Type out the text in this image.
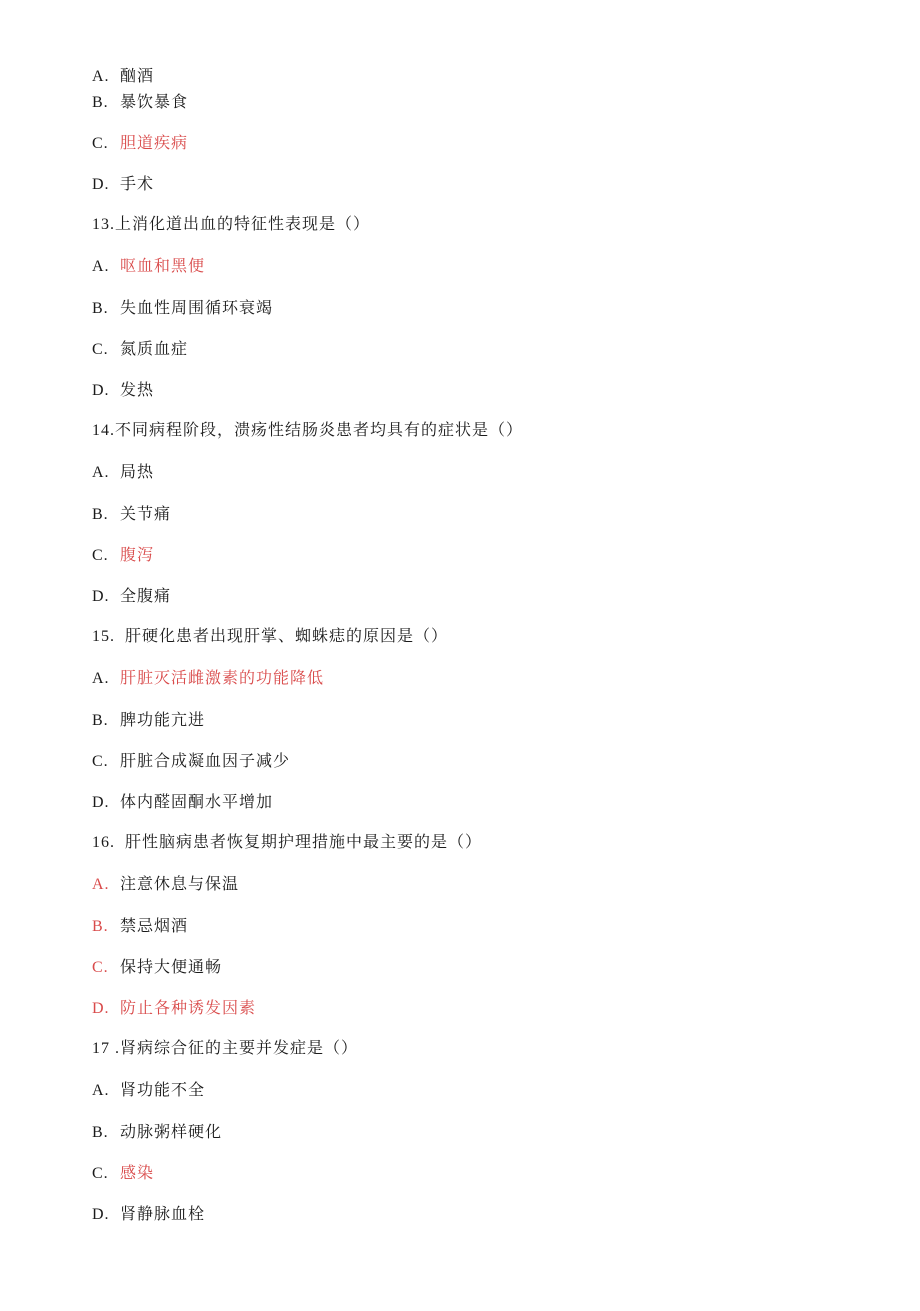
A. 酗酒
B. 暴饮暴食
C. 胆道疾病
D. 手术
13.上消化道出血的特征性表现是（）
A. 呕血和黑便
B. 失血性周围循环衰竭
C. 氮质血症
D. 发热
14.不同病程阶段，溃疡性结肠炎患者均具有的症状是（）
A. 局热
B. 关节痛
C. 腹泻
D. 全腹痛
15.  肝硬化患者出现肝掌、蜘蛛痣的原因是（）
A. 肝脏灭活雌激素的功能降低
B. 脾功能亢进
C. 肝脏合成凝血因子减少
D. 体内醛固酮水平增加
16.  肝性脑病患者恢复期护理措施中最主要的是（）
A. 注意休息与保温
B. 禁忌烟酒
C. 保持大便通畅
D. 防止各种诱发因素
17 .肾病综合征的主要并发症是（）
A. 肾功能不全
B. 动脉粥样硬化
C. 感染
D. 肾静脉血栓
